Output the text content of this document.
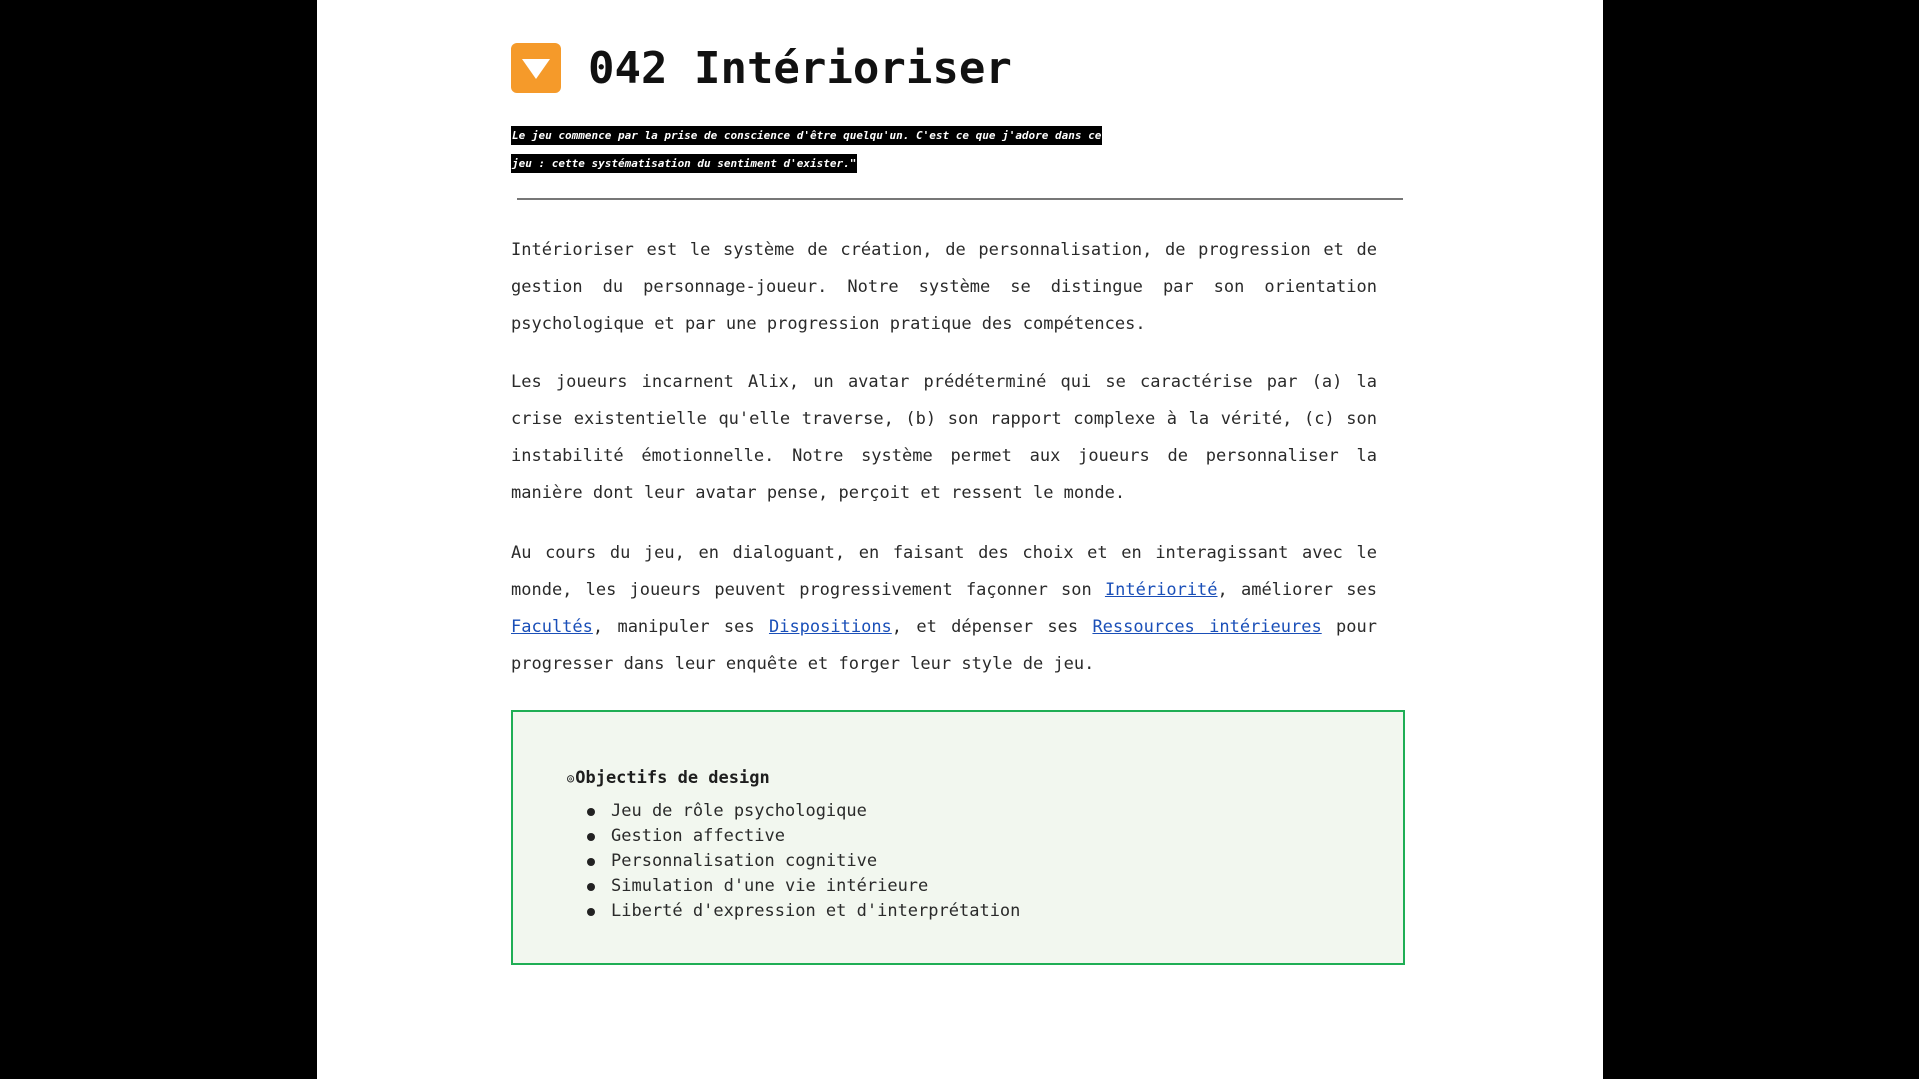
042 Intérioriser

Le jeu commence par la prise de conscience d'être quelqu'un. C'est ce que j'adore dans ce
jeu : cette systématisation du sentiment d'exister."

Intérioriser est le système de création, de personnalisation, de progression et de gestion du personnage-joueur. Notre système se distingue par son orientation psychologique et par une progression pratique des compétences.

Les joueurs incarnent Alix, un avatar prédéterminé qui se caractérise par (a) la crise existentielle qu'elle traverse, (b) son rapport complexe à la vérité, (c) son instabilité émotionnelle. Notre système permet aux joueurs de personnaliser la manière dont leur avatar pense, perçoit et ressent le monde.

Au cours du jeu, en dialoguant, en faisant des choix et en interagissant avec le monde, les joueurs peuvent progressivement façonner son Intériorité, améliorer ses Facultés, manipuler ses Dispositions, et dépenser ses Ressources intérieures pour progresser dans leur enquête et forger leur style de jeu.

◎ Objectifs de design
Jeu de rôle psychologique
Gestion affective
Personnalisation cognitive
Simulation d'une vie intérieure
Liberté d'expression et d'interprétation
